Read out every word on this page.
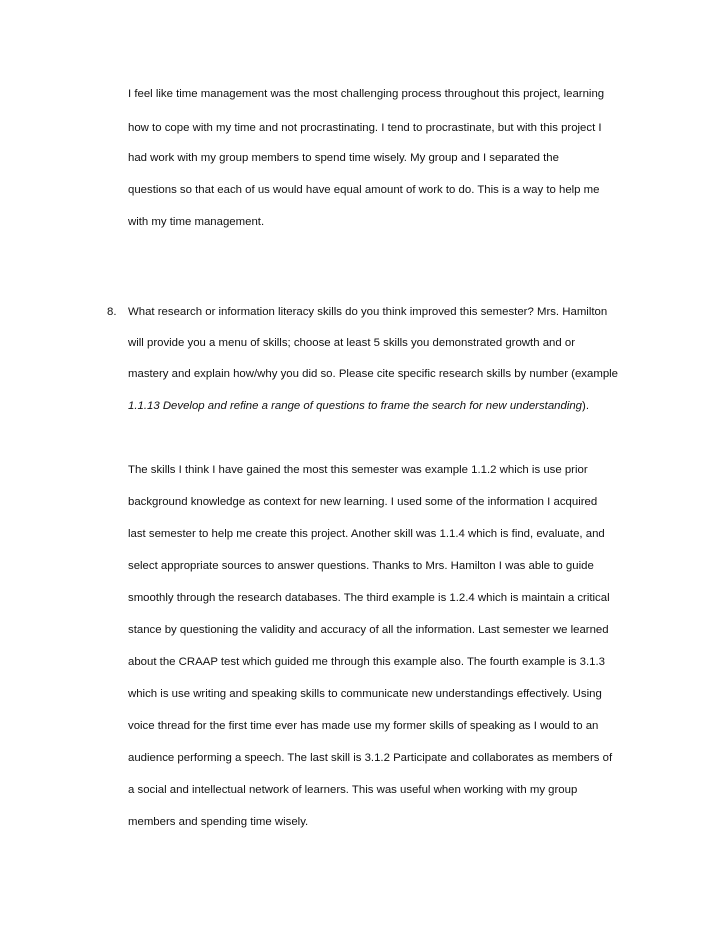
I feel like time management was the most challenging process throughout this project, learning
how to cope with my time and not procrastinating. I tend to procrastinate, but with this project I
had work with my group members to spend time wisely. My group and I separated the
questions so that each of us would have equal amount of work to do. This is a way to help me
with my time management.
8. What research or information literacy skills do you think improved this semester? Mrs. Hamilton
will provide you a menu of skills; choose at least 5 skills you demonstrated growth and or
mastery and explain how/why you did so. Please cite specific research skills by number (example
1.1.13 Develop and refine a range of questions to frame the search for new understanding).
The skills I think I have gained the most this semester was example 1.1.2 which is use prior
background knowledge as context for new learning. I used some of the information I acquired
last semester to help me create this project. Another skill was 1.1.4 which is find, evaluate, and
select appropriate sources to answer questions. Thanks to Mrs. Hamilton I was able to guide
smoothly through the research databases. The third example is 1.2.4 which is maintain a critical
stance by questioning the validity and accuracy of all the information. Last semester we learned
about the CRAAP test which guided me through this example also. The fourth example is 3.1.3
which is use writing and speaking skills to communicate new understandings effectively. Using
voice thread for the first time ever has made use my former skills of speaking as I would to an
audience performing a speech. The last skill is 3.1.2 Participate and collaborates as members of
a social and intellectual network of learners. This was useful when working with my group
members and spending time wisely.
